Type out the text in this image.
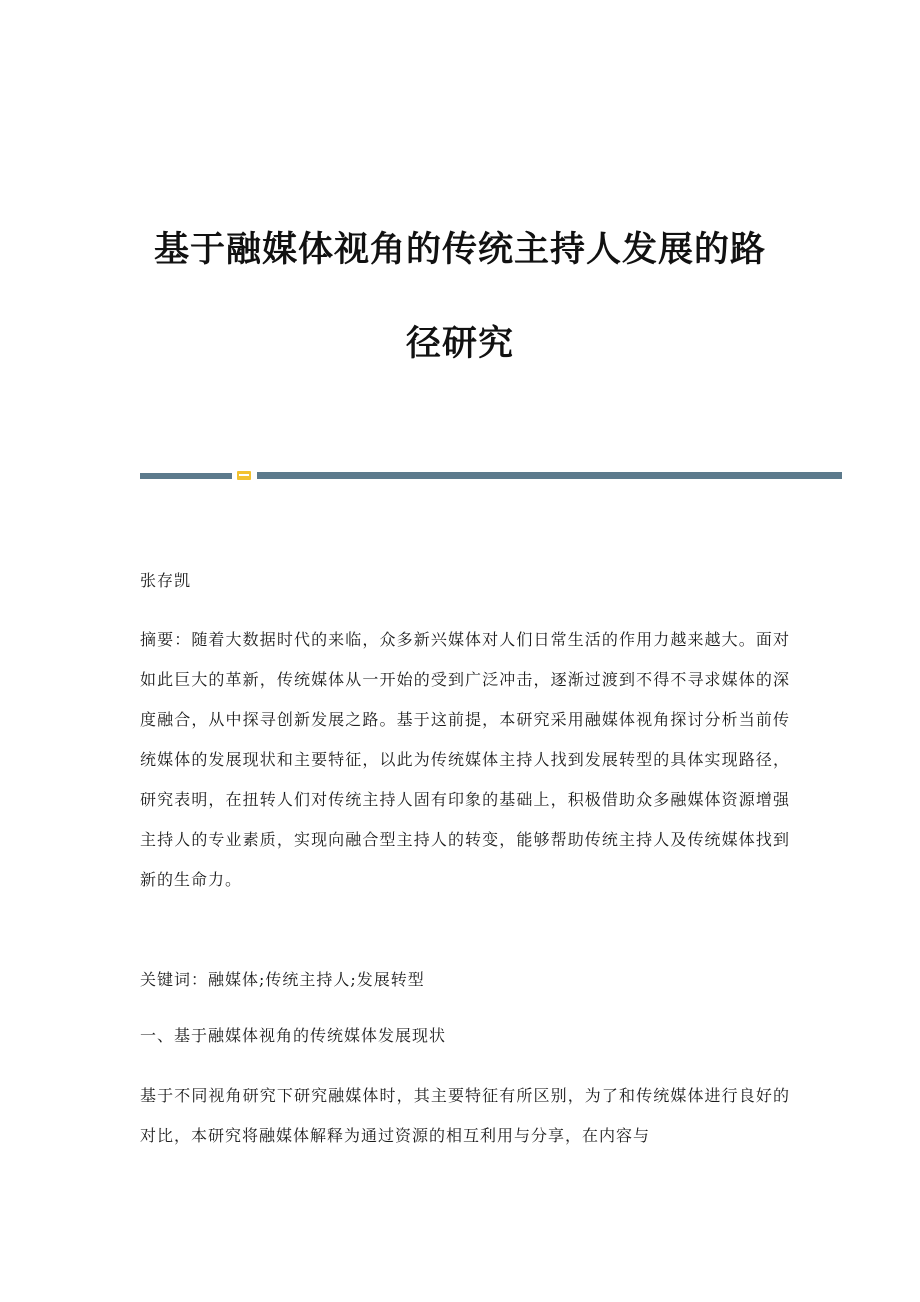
基于融媒体视角的传统主持人发展的路
径研究
张存凯

摘要：随着大数据时代的来临，众多新兴媒体对人们日常生活的作用力越来越大。面对如此巨大的革新，传统媒体从一开始的受到广泛冲击，逐渐过渡到不得不寻求媒体的深度融合，从中探寻创新发展之路。基于这前提，本研究采用融媒体视角探讨分析当前传统媒体的发展现状和主要特征，以此为传统媒体主持人找到发展转型的具体实现路径，研究表明，在扭转人们对传统主持人固有印象的基础上，积极借助众多融媒体资源增强主持人的专业素质，实现向融合型主持人的转变，能够帮助传统主持人及传统媒体找到新的生命力。

关键词：融媒体;传统主持人;发展转型

一、基于融媒体视角的传统媒体发展现状

基于不同视角研究下研究融媒体时，其主要特征有所区别，为了和传统媒体进行良好的对比，本研究将融媒体解释为通过资源的相互利用与分享，在内容与
